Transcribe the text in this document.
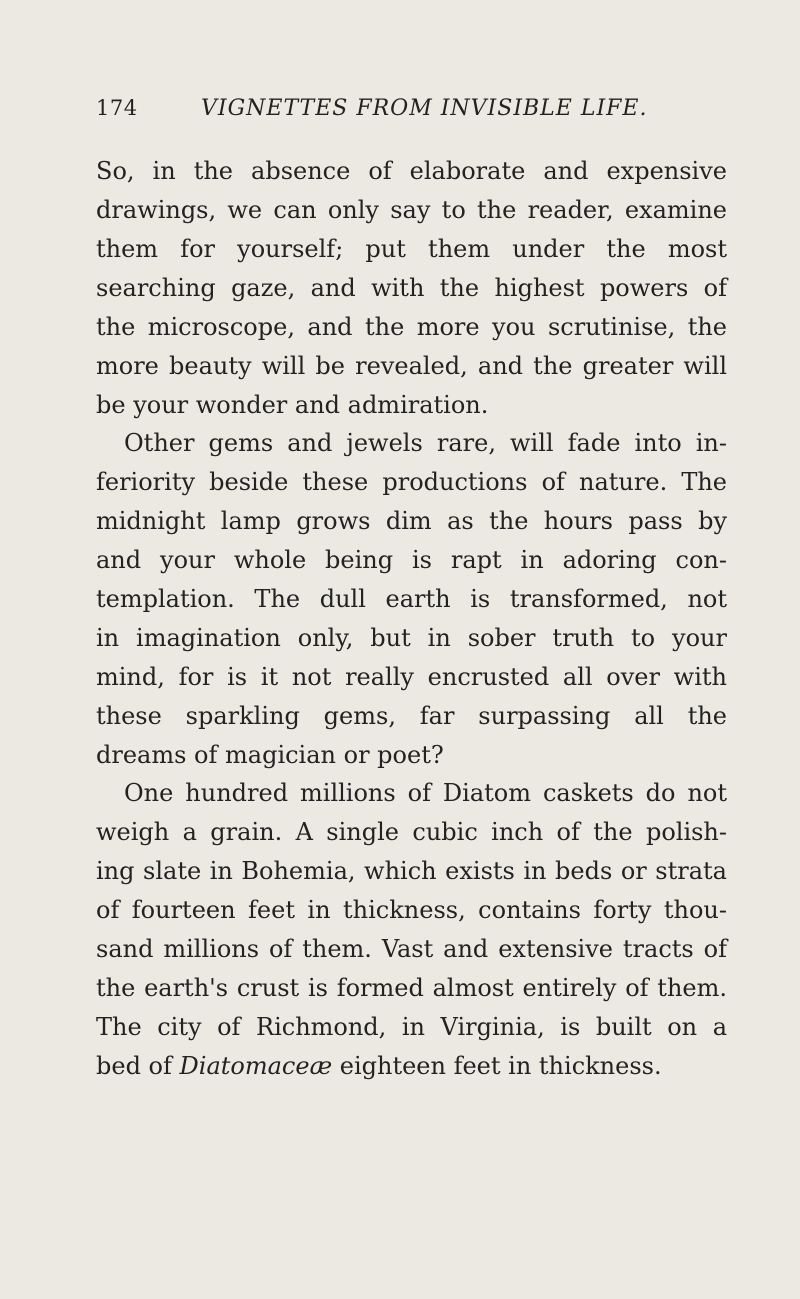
174	VIGNETTES FROM INVISIBLE LIFE.
So, in the absence of elaborate and expensive
drawings, we can only say to the reader, examine
them for yourself; put them under the most
searching gaze, and with the highest powers of
the microscope, and the more you scrutinise, the
more beauty will be revealed, and the greater will
be your wonder and admiration.
Other gems and jewels rare, will fade into in-
feriority beside these productions of nature. The
midnight lamp grows dim as the hours pass by
and your whole being is rapt in adoring con-
templation. The dull earth is transformed, not
in imagination only, but in sober truth to your
mind, for is it not really encrusted all over with
these sparkling gems, far surpassing all the
dreams of magician or poet?
One hundred millions of Diatom caskets do not
weigh a grain. A single cubic inch of the polish-
ing slate in Bohemia, which exists in beds or strata
of fourteen feet in thickness, contains forty thou-
sand millions of them. Vast and extensive tracts of
the earth's crust is formed almost entirely of them.
The city of Richmond, in Virginia, is built on a
bed of Diatomaceæ eighteen feet in thickness.
